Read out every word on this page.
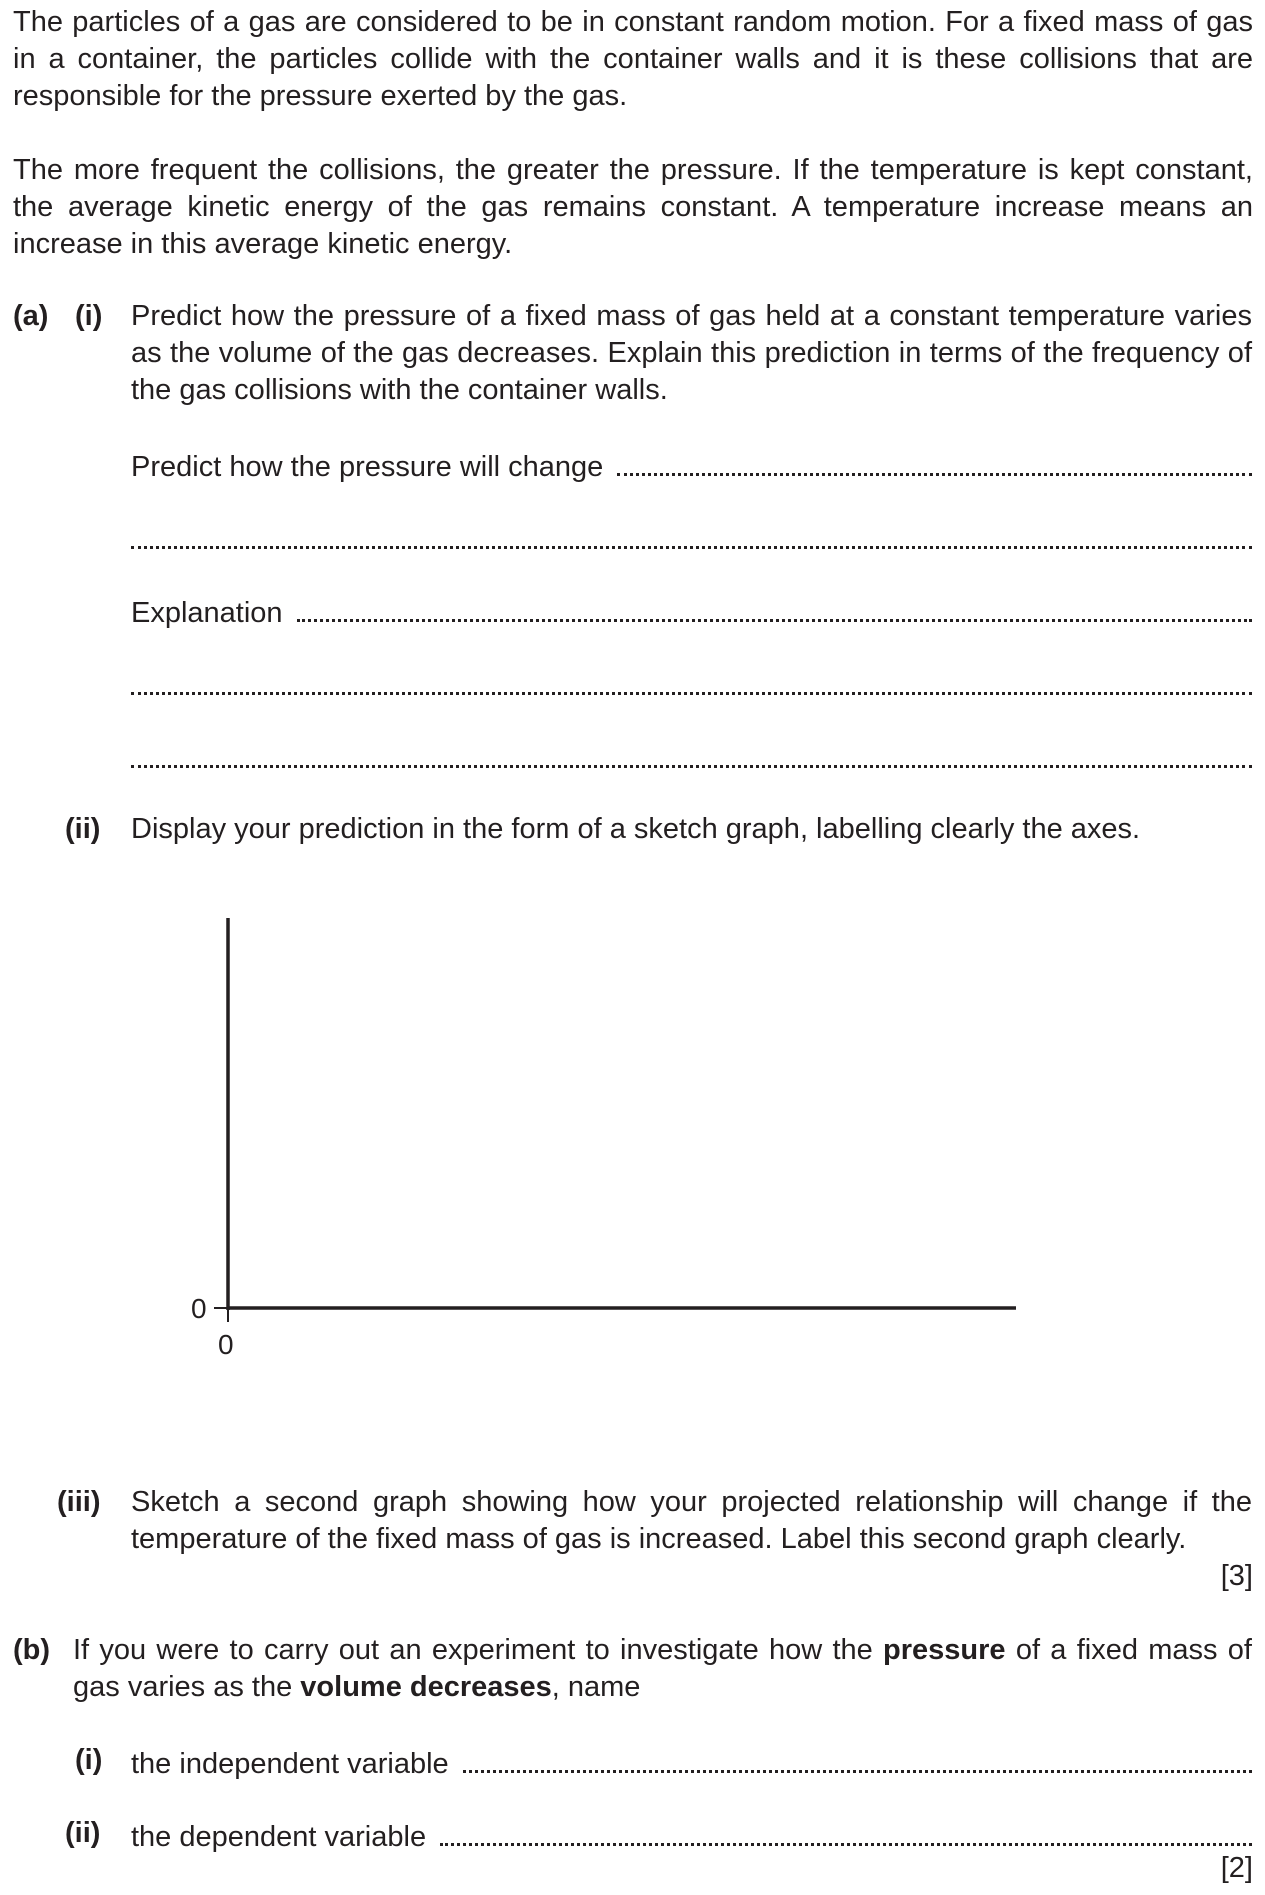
The particles of a gas are considered to be in constant random motion. For a fixed mass of gas in a container, the particles collide with the container walls and it is these collisions that are responsible for the pressure exerted by the gas.

The more frequent the collisions, the greater the pressure. If the temperature is kept constant, the average kinetic energy of the gas remains constant. A temperature increase means an increase in this average kinetic energy.

(a) (i) Predict how the pressure of a fixed mass of gas held at a constant temperature varies as the volume of the gas decreases. Explain this prediction in terms of the frequency of the gas collisions with the container walls.
Predict how the pressure will change
Explanation
(ii) Display your prediction in the form of a sketch graph, labelling clearly the axes.
0
0
(iii) Sketch a second graph showing how your projected relationship will change if the temperature of the fixed mass of gas is increased. Label this second graph clearly.
[3]
(b) If you were to carry out an experiment to investigate how the pressure of a fixed mass of gas varies as the volume decreases, name
(i) the independent variable
(ii) the dependent variable
[2]
